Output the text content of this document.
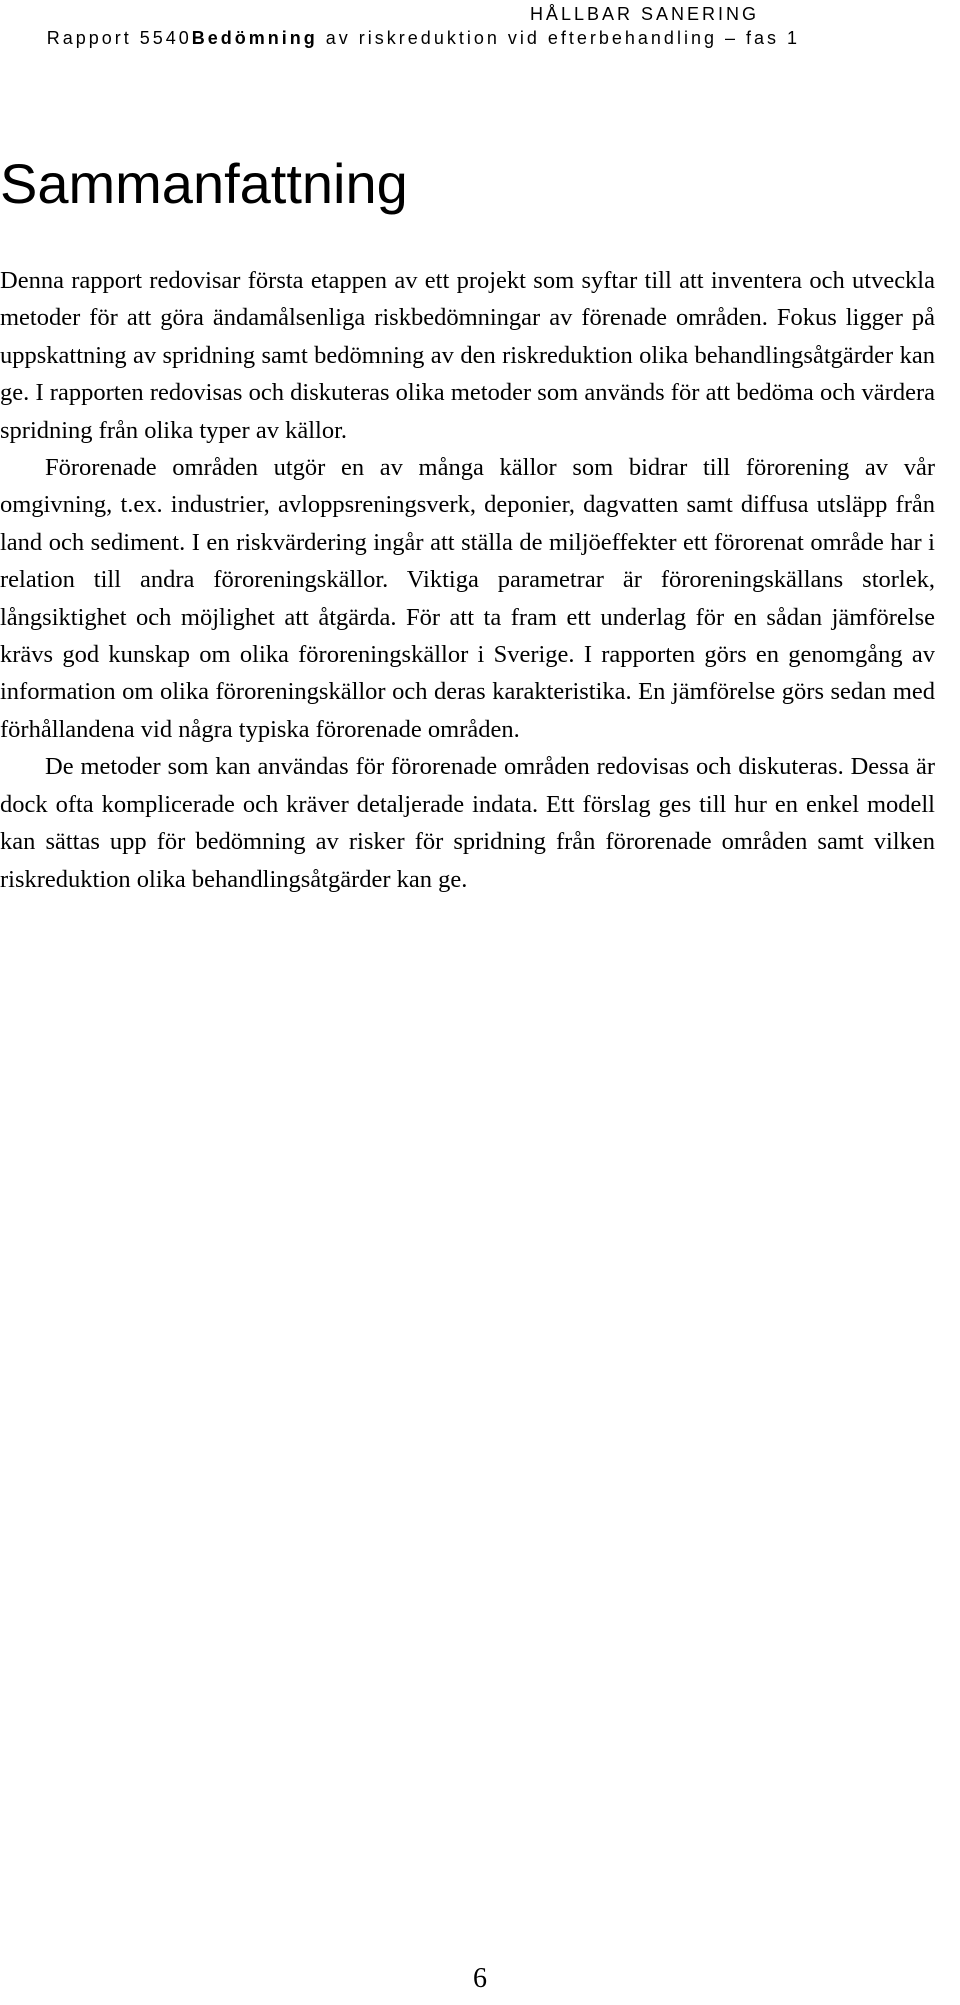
HÅLLBAR SANERING
Rapport 5540Bedömning av riskreduktion vid efterbehandling – fas 1
Sammanfattning

Denna rapport redovisar första etappen av ett projekt som syftar till att inventera och utveckla metoder för att göra ändamålsenliga riskbedömningar av förenade områden. Fokus ligger på uppskattning av spridning samt bedömning av den riskreduktion olika behandlingsåtgärder kan ge. I rapporten redovisas och diskuteras olika metoder som används för att bedöma och värdera spridning från olika typer av källor.

Förorenade områden utgör en av många källor som bidrar till förorening av vår omgivning, t.ex. industrier, avloppsreningsverk, deponier, dagvatten samt diffusa utsläpp från land och sediment. I en riskvärdering ingår att ställa de miljöeffekter ett förorenat område har i relation till andra föroreningskällor. Viktiga parametrar är föroreningskällans storlek, långsiktighet och möjlighet att åtgärda. För att ta fram ett underlag för en sådan jämförelse krävs god kunskap om olika föroreningskällor i Sverige. I rapporten görs en genomgång av information om olika föroreningskällor och deras karakteristika. En jämförelse görs sedan med förhållandena vid några typiska förorenade områden.

De metoder som kan användas för förorenade områden redovisas och diskuteras. Dessa är dock ofta komplicerade och kräver detaljerade indata. Ett förslag ges till hur en enkel modell kan sättas upp för bedömning av risker för spridning från förorenade områden samt vilken riskreduktion olika behandlingsåtgärder kan ge.

6
